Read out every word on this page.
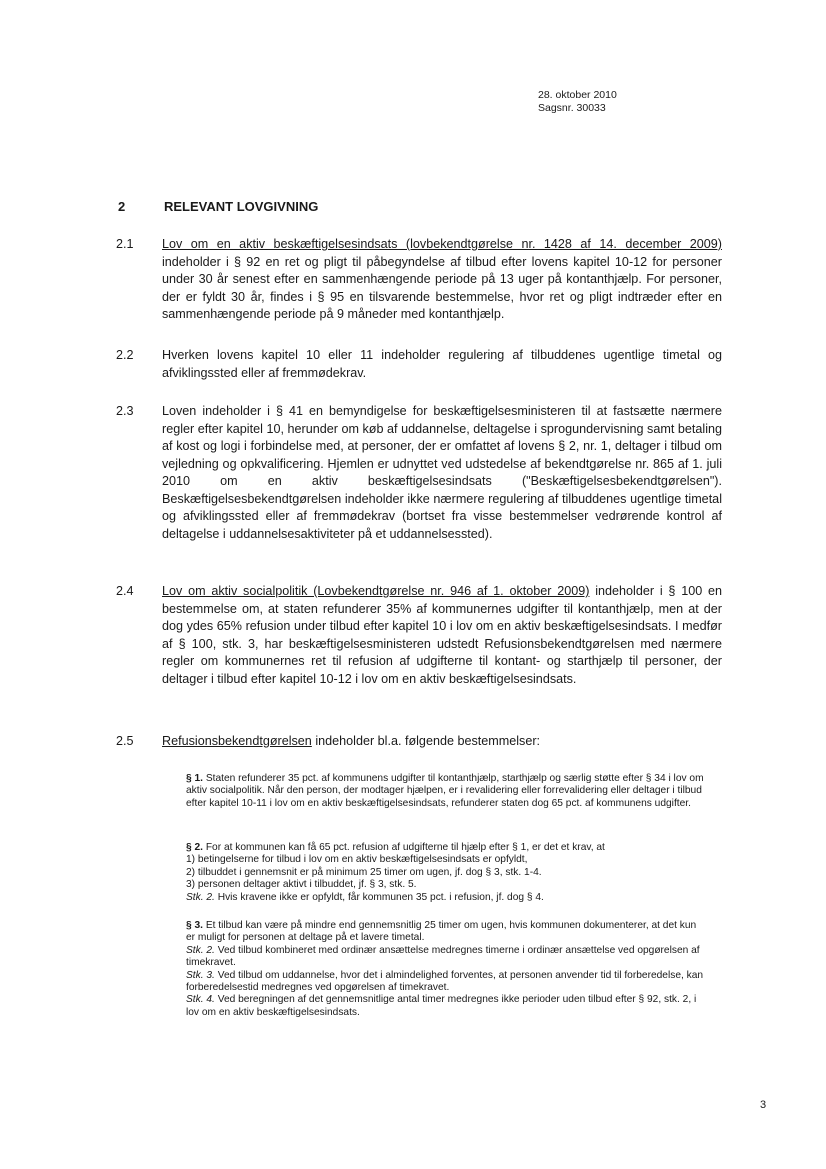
28. oktober 2010
Sagsnr. 30033
2	RELEVANT LOVGIVNING
2.1 Lov om en aktiv beskæftigelsesindsats (lovbekendtgørelse nr. 1428 af 14. december 2009) indeholder i § 92 en ret og pligt til påbegyndelse af tilbud efter lovens kapitel 10-12 for personer under 30 år senest efter en sammenhængende periode på 13 uger på kontanthjælp. For personer, der er fyldt 30 år, findes i § 95 en tilsvarende bestemmelse, hvor ret og pligt indtræder efter en sammenhængende periode på 9 måneder med kontanthjælp.
2.2 Hverken lovens kapitel 10 eller 11 indeholder regulering af tilbuddenes ugentlige timetal og afviklingssted eller af fremmødekrav.
2.3 Loven indeholder i § 41 en bemyndigelse for beskæftigelsesministeren til at fastsætte nærmere regler efter kapitel 10, herunder om køb af uddannelse, deltagelse i sprogundervisning samt betaling af kost og logi i forbindelse med, at personer, der er omfattet af lovens § 2, nr. 1, deltager i tilbud om vejledning og opkvalificering. Hjemlen er udnyttet ved udstedelse af bekendtgørelse nr. 865 af 1. juli 2010 om en aktiv beskæftigelsesindsats ("Beskæftigelsesbekendtgørelsen"). Beskæftigelsesbekendtgørelsen indeholder ikke nærmere regulering af tilbuddenes ugentlige timetal og afviklingssted eller af fremmødekrav (bortset fra visse bestemmelser vedrørende kontrol af deltagelse i uddannelsesaktiviteter på et uddannelsessted).
2.4 Lov om aktiv socialpolitik (Lovbekendtgørelse nr. 946 af 1. oktober 2009) indeholder i § 100 en bestemmelse om, at staten refunderer 35% af kommunernes udgifter til kontanthjælp, men at der dog ydes 65% refusion under tilbud efter kapitel 10 i lov om en aktiv beskæftigelsesindsats. I medfør af § 100, stk. 3, har beskæftigelsesministeren udstedt Refusionsbekendtgørelsen med nærmere regler om kommunernes ret til refusion af udgifterne til kontant- og starthjælp til personer, der deltager i tilbud efter kapitel 10-12 i lov om en aktiv beskæftigelsesindsats.
2.5 Refusionsbekendtgørelsen indeholder bl.a. følgende bestemmelser:

§ 1. Staten refunderer 35 pct. af kommunens udgifter til kontanthjælp, starthjælp og særlig støtte efter § 34 i lov om aktiv socialpolitik. Når den person, der modtager hjælpen, er i revalidering eller forrevalidering eller deltager i tilbud efter kapitel 10-11 i lov om en aktiv beskæftigelsesindsats, refunderer staten dog 65 pct. af kommunens udgifter.

§ 2. For at kommunen kan få 65 pct. refusion af udgifterne til hjælp efter § 1, er det et krav, at

1) betingelserne for tilbud i lov om en aktiv beskæftigelsesindsats er opfyldt,

2) tilbuddet i gennemsnit er på minimum 25 timer om ugen, jf. dog § 3, stk. 1-4.

3) personen deltager aktivt i tilbuddet, jf. § 3, stk. 5.

Stk. 2. Hvis kravene ikke er opfyldt, får kommunen 35 pct. i refusion, jf. dog § 4.

§ 3. Et tilbud kan være på mindre end gennemsnitlig 25 timer om ugen, hvis kommunen dokumenterer, at det kun er muligt for personen at deltage på et lavere timetal.

Stk. 2. Ved tilbud kombineret med ordinær ansættelse medregnes timerne i ordinær ansættelse ved opgørelsen af timekravet.

Stk. 3. Ved tilbud om uddannelse, hvor det i almindelighed forventes, at personen anvender tid til forberedelse, kan forberedelsestid medregnes ved opgørelsen af timekravet.

Stk. 4. Ved beregningen af det gennemsnitlige antal timer medregnes ikke perioder uden tilbud efter § 92, stk. 2, i lov om en aktiv beskæftigelsesindsats.

3
